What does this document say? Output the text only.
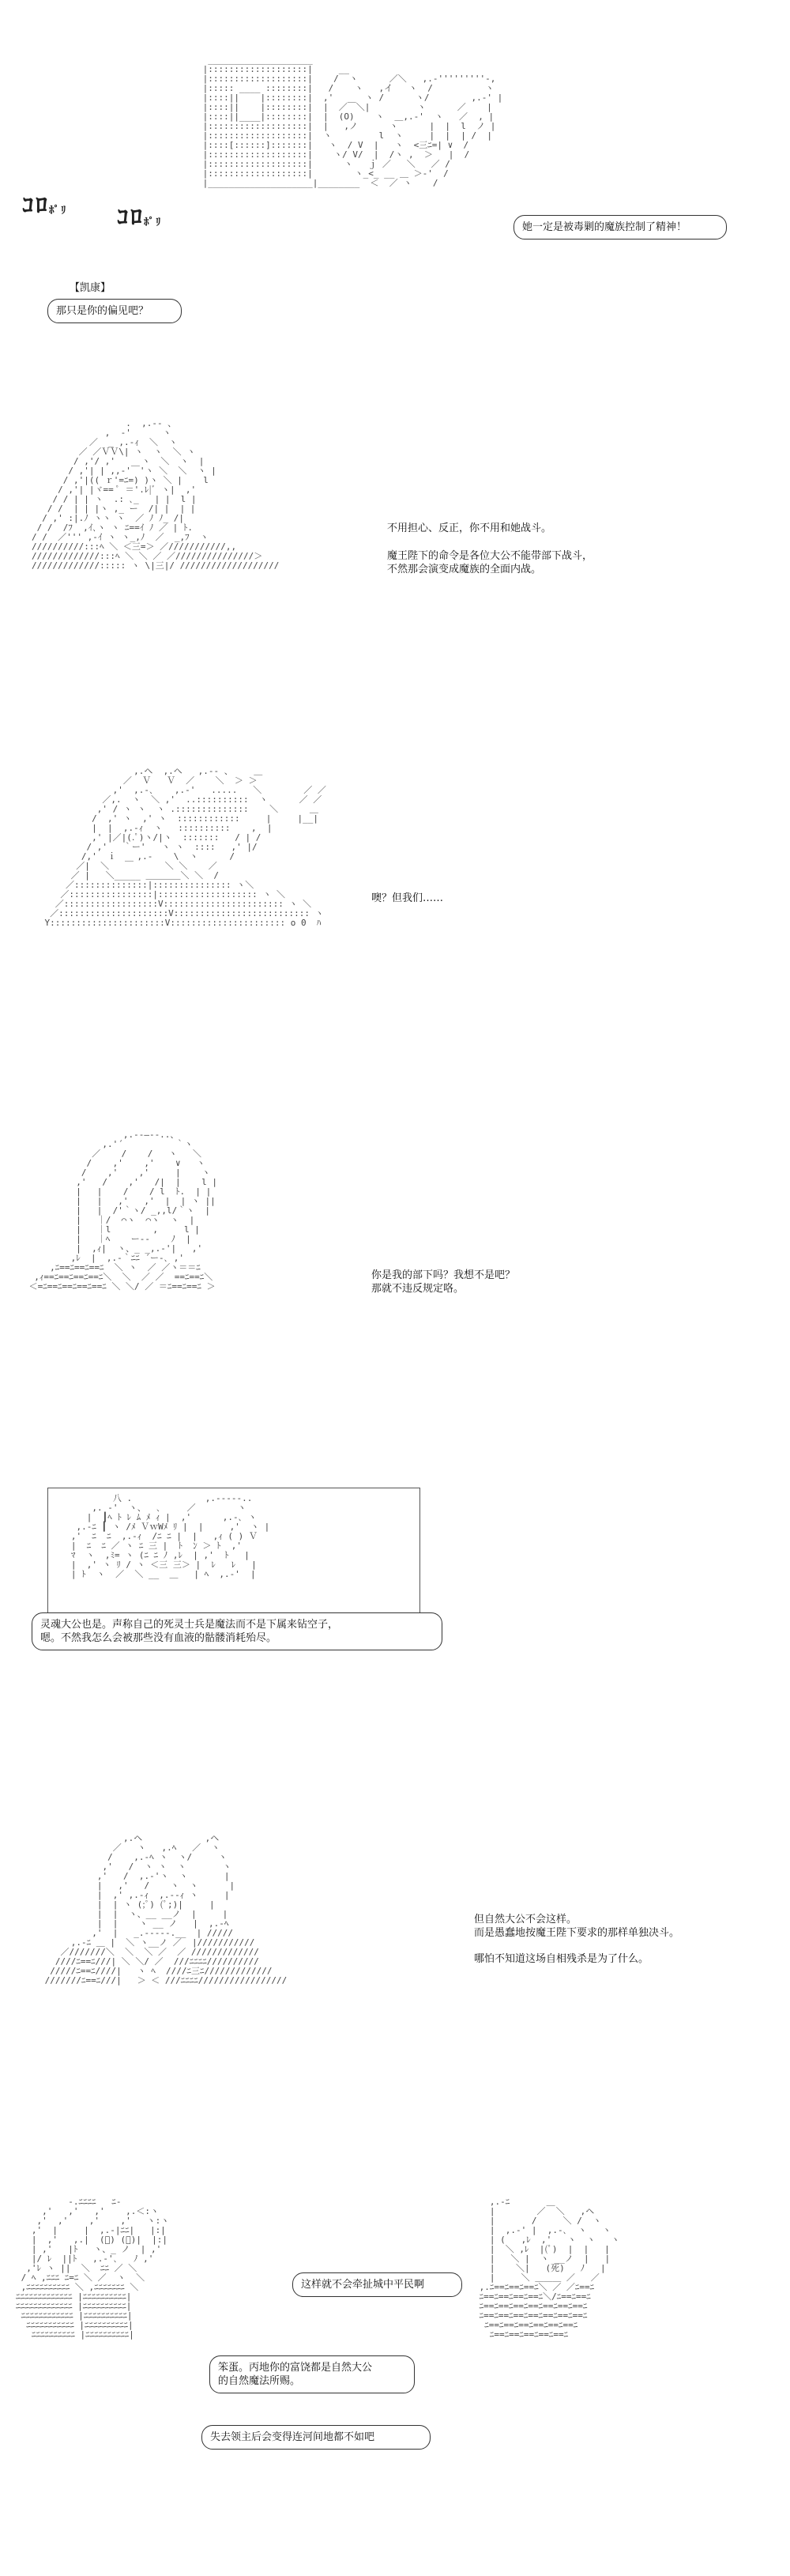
____________________
|:::::::::::::::::::|     __
|:::::::::::::::::::|    /  ヽ      ／＼   ,.-'''''''''-,
|::::: ____ ::::::::|   /    ヽ   ,イ   ヽ  /          ヽ
|::::||    |::::::::|  ,'      ヽ /      ヽ/        ,.-' |
|::::||    |::::::::|  |  ／￣＼|         ヽ      ／    |
|::::||____|::::::::|  |  (O)    ヽ  ＿,.-'  ヽ   ／  , |
|:::::::::::::::::::|  |   ,ノ      ヽ      |  |  l  ノ |
|:::::::::::::::::::|  ヽ         l  ヽ     |  |  | /  |
|::::[::::::]:::::::|   ヽ  / V  |   ヽ  <三ﾆ=| ∨  /
|:::::::::::::::::::|    ヽ/ V/  |  /ヽ ,  ＞   |  /
|:::::::::::::::::::|      ヽ   ｊ ／   ＼   ／ /
|:::::::::::::::::::|        ヽ_<_ __ ＿ ＞-'  /
|____________________|________  ＜  ／ ヽ    /

ｺﾛﾎﾟﾘ ｺﾛﾎﾟﾘ
【凯康】
那只是你的偏见吧？
她一定是被毒剿的魔族控制了精神！
.  ,.-- 、
,  -'      ヽ
／  _ ,.-ｨ  ＼  ヽ
／ ／ＶＶ\| ヽ  ヽ  ＼ ヽ
/ ,'/ ,'     ヽ  ＼  ヽ  |
/ ,'| | ,,-'￣'ヽ ＼  ＼  ヽ |
/ ,'|(( ｒ'=ﾆ=) )ヽ ＼ |    l
/ ,'| |ヾ== ﾟ ＝'.ﾚ|ﾞ ヽ|  ,'
/ / | | ヽ  .: ､_   | |  l |
/ /  | | |ヽ ,_ ー  /| |  | |
/ ,' :|.ﾉ ヽヽ ヽ  ／ ﾉ ﾉ_ /|
/ /  /ﾌ  ,ｲ､ヽ ヽ ﾆ==ｲ ﾉ ／ | ﾄ.
/ /  ／''' ,-ｲ ヽ ヽ_,ﾉ  ／  _,ﾌ  ヽ
//////////:::ﾍ ＼ ＜三=＞ ／///////////,,
/////////////:::ﾍ ＼ ＼ ／ ／///////////////＞
/////////////::::: ヽ \|三|/ ///////////////////

不用担心、反正，你不用和她战斗。
魔王陛下的命令是各位大公不能带部下战斗，
不然那会演变成魔族的全面内战。
,.ヘ  ,.ヘ   ,.-- 、    ＿
／  Ｖ   Ｖ  ／    ＼  ＞ ＞
,'  ,.-､    ,.-'   .....   ＼        ／ ／
／,.  ヽ  ＼ ,'  ..::::::::::  ヽ      ／ ／
,' / ヽ ヽ  ヽ .::::::::::::::    ＼      ＿
/  ,' ヽ  ,' ヽ  ::::::::::::     |     |__|
|  |  ,.-ｨ  ヽ   ::::::::::    ,  |
,' |／|(.ﾟ)ヽ/|ヽ  :::::::   / | /
/ ,'   ｀ー'   ヽ ヽ  ::::   ,' |/
/,'  ｉ    ,.-    \  ヽ      /
／|  ＼   ￣      ＼ ＼    ／
／ |   ＼_____ ＿＿＿＿＼ ＼  /
／::::::::::::::|::::::::::::::: ヽ＼
／::::::::::::::::|::::::::::::::::::: ヽ ＼
／::::::::::::::::::V::::::::::::::::::::::: ヽ ＼
／:::::::::::::::::::::V:::::::::::::::::::::::::: ヽ
Y::::::::::::::::::::::V:::::::::::::::::::::: o 0  ﾊ

噢？但我们……
,.-‐―‐-..、
,.'´          ｀ヽ
／    /    /   ヽ   ＼
/    ,'    ,'    ∨   ヽ
/    ,'    ,'     |    ヽ
,'   /    ,'   /|  |    l |
|   |    /    / l  ﾄ.  | |
|   |   ,'   ,'  |  | ヽ ||
|   |  /'｀ヽ/ _,,l/｀ヽ  |
|   ｜/  ⌒ヽ  ⌒ヽ  ヽ  |
|   ｜l        ,     l |
|   ｜ﾍ    ー--    ﾉ  |
|  ,ｨ|  ヽ、_ _,.-'|   ,'
,ﾚ  |  ,.-｀ﾆﾆ ´ー-､ ,'
,ﾆ==ﾆ==ﾆ==ﾆ  ＼ ヽ  ／ ／ヽ＝＝ﾆ
,ｨ==ﾆ==ﾆ==ﾆ==ﾆ＼  ＼  ／ ／  ==ﾆ==ﾆ＼
＜=ﾆ==ﾆ==ﾆ==ﾆ==ﾆ ＼ ＼/ ／ ＝ﾆ==ﾆ==ﾆ ＞

你是我的部下吗？我想不是吧？
那就不违反规定咯。
八 .              ,.--‐‐-..
,. -'  ヽ、  ､     ／        ヽ
|  ┃ﾍ ﾄ ﾚ ﾑ ﾒ ｨ |  ,'      ,.-､ ヽ
,.-ﾆ ┃ ヽ /ﾒ ＶｗWﾒ ﾘ |  |     ,'  ヽ |
,'  ﾆ  ﾆ  ,.-ｨ  /ﾆ ﾆ |  |   ,ｨ ( ) Ｖ
|  ﾆ  ﾆ ／ ヽ ﾆ 三 |  ﾄ  ﾝ ＞ ﾄ  ,'
ﾏ  ヽ  ,ﾐ= ヽ (ﾆ ﾆ ﾉ ,ﾚ  | ,'  ﾄ   |
|  ,' ヽ ﾘ / ヽ ＜三 三＞ |  ﾚ   ﾚ   |
| ﾄ  ヽ  ／  ＼ __  ＿   | ﾍ  ,.-'  |

灵魂大公也是。声称自己的死灵士兵是魔法而不是下属来钻空子，
嗯。不然我怎么会被那些没有血液的骷髅消耗殆尽。
,.ヘ            ,ヘ
／   ヽ   ,.ﾍ   ／  ヽ
/    ,.-ﾍ ヽ  ヽ/     ヽ
,'   /  ヽ ヽ  ヽ       ヽ
,'   /  ,.-'ヽ  ヽ       |
|   ,'   /    ヽ  ヽ      |
|  ,' ,.-ｨ  ,.--ｨ ヽ     |
|  | ヽ (;ﾟ) (ﾟ;)|     |
|  |  ヽ、__ __ノ  |     |
|  |    ヽ __ ノ   |  ,.-ﾍ
,'  |   _.-----.__  | /////
,.-ﾆ ＿ |  ＼ ヽ__ノ ／  |///////////
／///////＼  ＼  ＼ ／  ／ /////////////
////ﾆ==ﾆ///| ＼ ＼/ ／  ///ﾆﾆﾆﾆ//////////
/////ﾆ==ﾆ////|   ヽ ﾍ  ////ﾆ三ﾆ/////////////
///////ﾆ==ﾆ///|   ＞ ＜ ///ﾆﾆﾆﾆ/////////////////

但自然大公不会这样。
而是愚蠢地按魔王陛下要求的那样单独决斗。
哪怕不知道这场自相残杀是为了什么。
-.ﾆﾆﾆﾆ   ﾆ-
,'   ,'   ,'    ,.＜:ヽ
,'  ,'    ,'    ,'   ヽ:ヽ
,'  |     |  ,.-|ﾆﾆ|   |:|
|  ,'   ,.|  (ﾟ) (ﾟ)|  |:|
| ,'   |ﾄ   ヽ、_ ノ  | ,'
|/ ﾚ  ||ﾄ   ,.-'､   ﾉ ,'
,'ﾚ ヽ ||  ＼  ﾆﾆ ／ ＼
/ ﾍ ,ﾆﾆﾆ ﾆ=ﾆ ＼ ／  ヽ  ＼
,ﾆﾆﾆﾆﾆﾆﾆﾆﾆﾆ ＼ ,ﾆﾆﾆﾆﾆﾆﾆ ＼
ﾆﾆﾆﾆﾆﾆﾆﾆﾆﾆﾆﾆﾆ |ﾆﾆﾆﾆﾆﾆﾆﾆﾆﾆ|
ﾆﾆﾆﾆﾆﾆﾆﾆﾆﾆﾆﾆﾆ |ﾆﾆﾆﾆﾆﾆﾆﾆﾆﾆ|
ﾆﾆﾆﾆﾆﾆﾆﾆﾆﾆﾆﾆ |ﾆﾆﾆﾆﾆﾆﾆﾆﾆﾆ|
ﾆﾆﾆﾆﾆﾆﾆﾆﾆﾆﾆ |ﾆﾆﾆﾆﾆﾆﾆﾆﾆﾆ|
ﾆﾆﾆﾆﾆﾆﾆﾆﾆﾆ |ﾆﾆﾆﾆﾆﾆﾆﾆﾆﾆ|

,.-ﾆ       ＿
|        ／  ＼   ,ヘ
|       /     ＼ /  ヽ
|  ,.-' |  ,.-､  ヽ   ヽ
| (   ,ﾚ  ,'   ヽ  ヽ   ヽ
|  ＼ ,ﾚ  |(ﾟ)  |  |   |
|   ＼ |  ヽ __ノ  |   |
|    ＼|   (死)   ﾉ   |
|     ＼ ＿＿＿ ／   ／
,.ﾆ==ﾆ==ﾆ==ﾆ＼ ／ ／ﾆ==ﾆ
ﾆ==ﾆ==ﾆ==ﾆ==ﾆ＼/ﾆ==ﾆ==ﾆ
ﾆ==ﾆ==ﾆ==ﾆ==ﾆ==ﾆ==ﾆ==ﾆ
ﾆ==ﾆ==ﾆ==ﾆ==ﾆ==ﾆ==ﾆ==ﾆ
ﾆ==ﾆ==ﾆ==ﾆ==ﾆ==ﾆ==ﾆ
ﾆ==ﾆ==ﾆ==ﾆ==ﾆ==ﾆ

这样就不会牵扯城中平民啊
笨蛋。丙地你的富饶都是自然大公
的自然魔法所赐。
失去领主后会变得连河间地都不如吧
